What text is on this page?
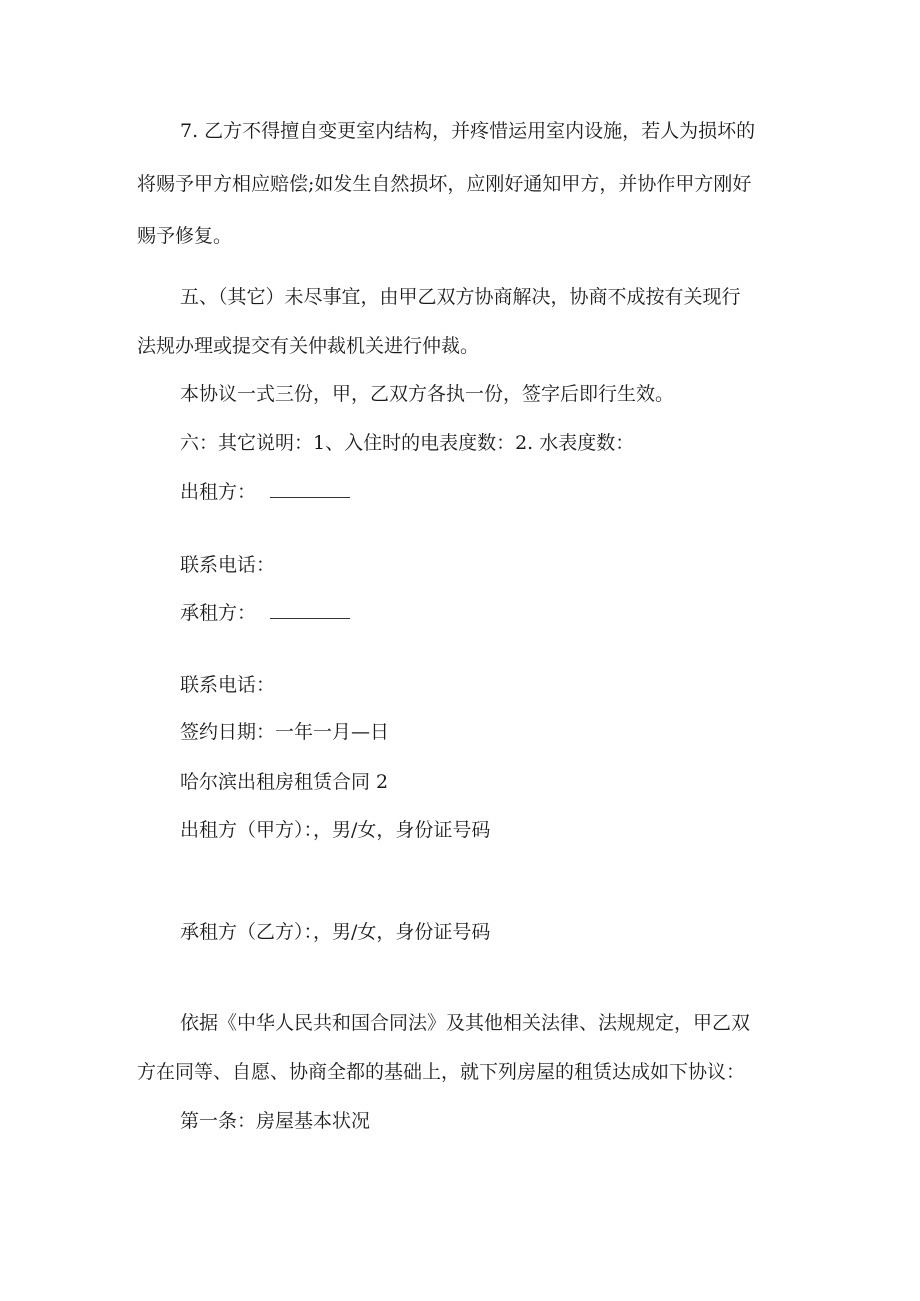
7. 乙方不得擅自变更室内结构，并疼惜运用室内设施，若人为损坏的

将赐予甲方相应赔偿;如发生自然损坏，应刚好通知甲方，并协作甲方刚好

赐予修复。

五、（其它）未尽事宜，由甲乙双方协商解决，协商不成按有关现行

法规办理或提交有关仲裁机关进行仲裁。

本协议一式三份，甲，乙双方各执一份，签字后即行生效。

六：其它说明：1、入住时的电表度数：2. 水表度数：

出租方：

联系电话：

承租方：

联系电话：

签约日期：一年一月—日

哈尔滨出租房租赁合同 2

出租方（甲方）：，男/女，身份证号码

承租方（乙方）：，男/女，身份证号码

依据《中华人民共和国合同法》及其他相关法律、法规规定，甲乙双

方在同等、自愿、协商全都的基础上，就下列房屋的租赁达成如下协议：

第一条：房屋基本状况
